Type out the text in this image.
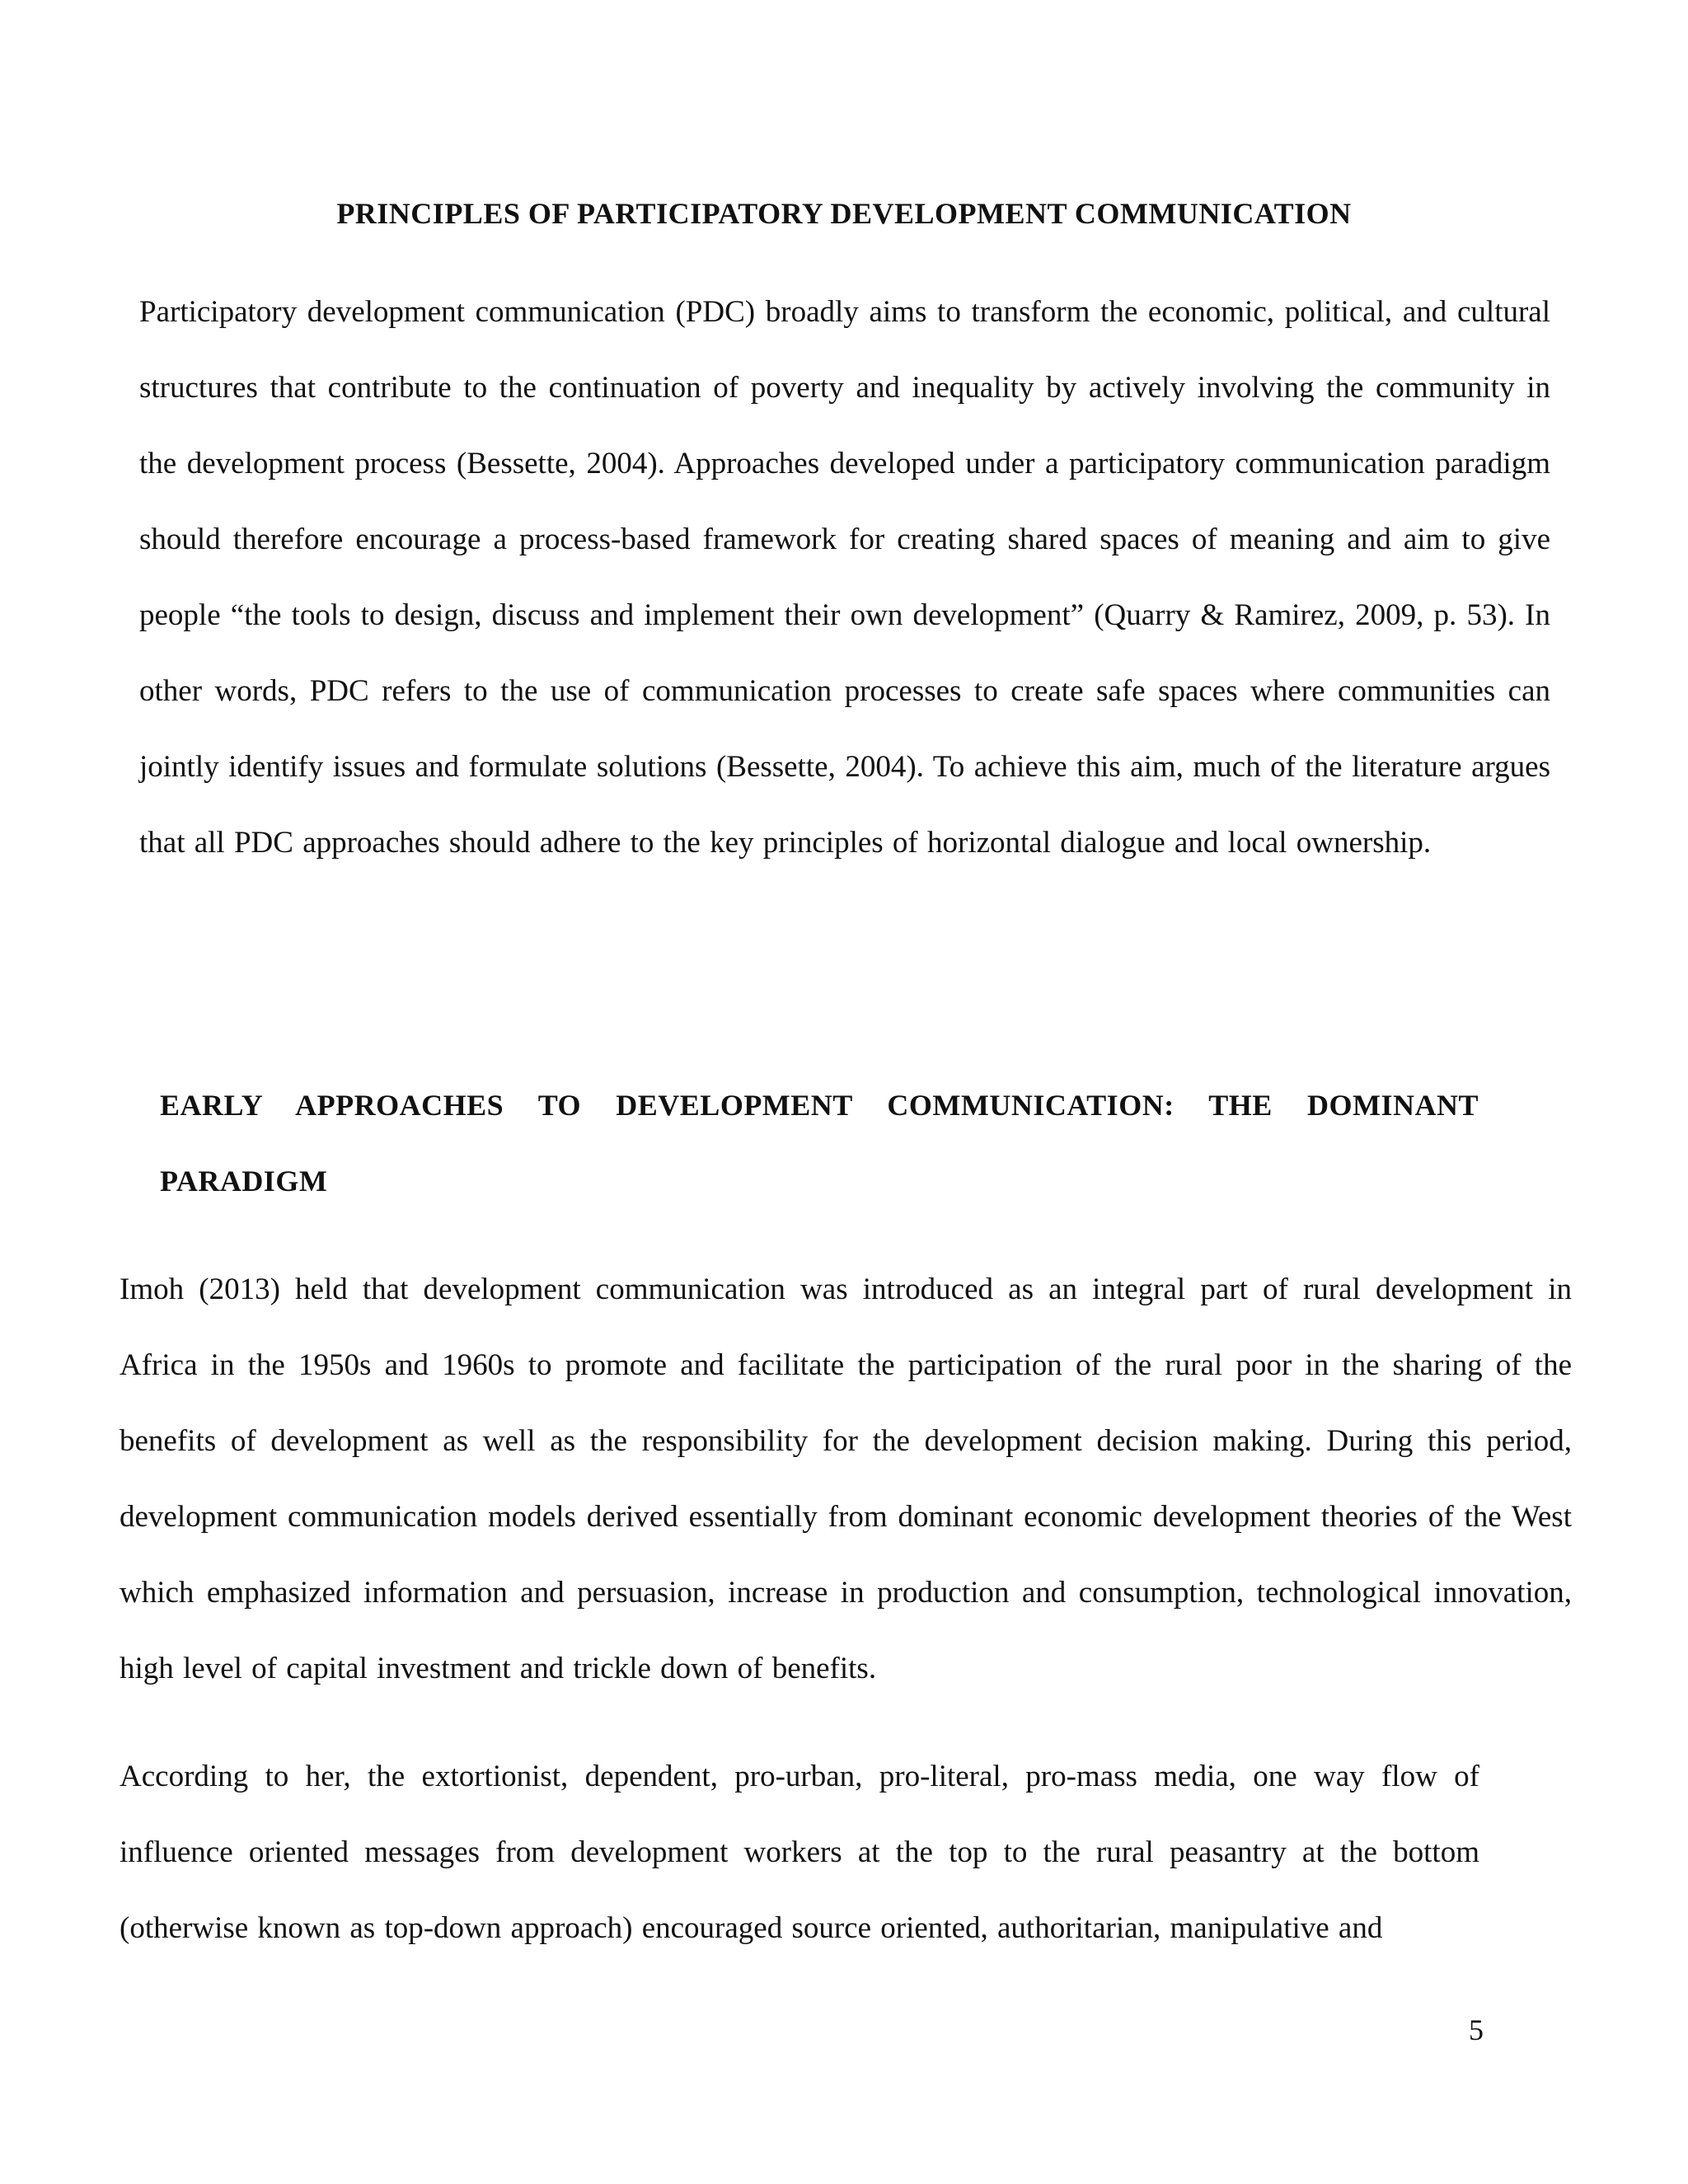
PRINCIPLES OF PARTICIPATORY DEVELOPMENT COMMUNICATION

Participatory development communication (PDC) broadly aims to transform the economic, political, and cultural structures that contribute to the continuation of poverty and inequality by actively involving the community in the development process (Bessette, 2004). Approaches developed under a participatory communication paradigm should therefore encourage a process-based framework for creating shared spaces of meaning and aim to give people “the tools to design, discuss and implement their own development” (Quarry & Ramirez, 2009, p. 53). In other words, PDC refers to the use of communication processes to create safe spaces where communities can jointly identify issues and formulate solutions (Bessette, 2004). To achieve this aim, much of the literature argues that all PDC approaches should adhere to the key principles of horizontal dialogue and local ownership.

EARLY APPROACHES TO DEVELOPMENT COMMUNICATION: THE DOMINANT PARADIGM

Imoh (2013) held that development communication was introduced as an integral part of rural development in Africa in the 1950s and 1960s to promote and facilitate the participation of the rural poor in the sharing of the benefits of development as well as the responsibility for the development decision making. During this period, development communication models derived essentially from dominant economic development theories of the West which emphasized information and persuasion, increase in production and consumption, technological innovation, high level of capital investment and trickle down of benefits.

According to her, the extortionist, dependent, pro-urban, pro-literal, pro-mass media, one way flow of influence oriented messages from development workers at the top to the rural peasantry at the bottom (otherwise known as top-down approach) encouraged source oriented, authoritarian, manipulative and

5
